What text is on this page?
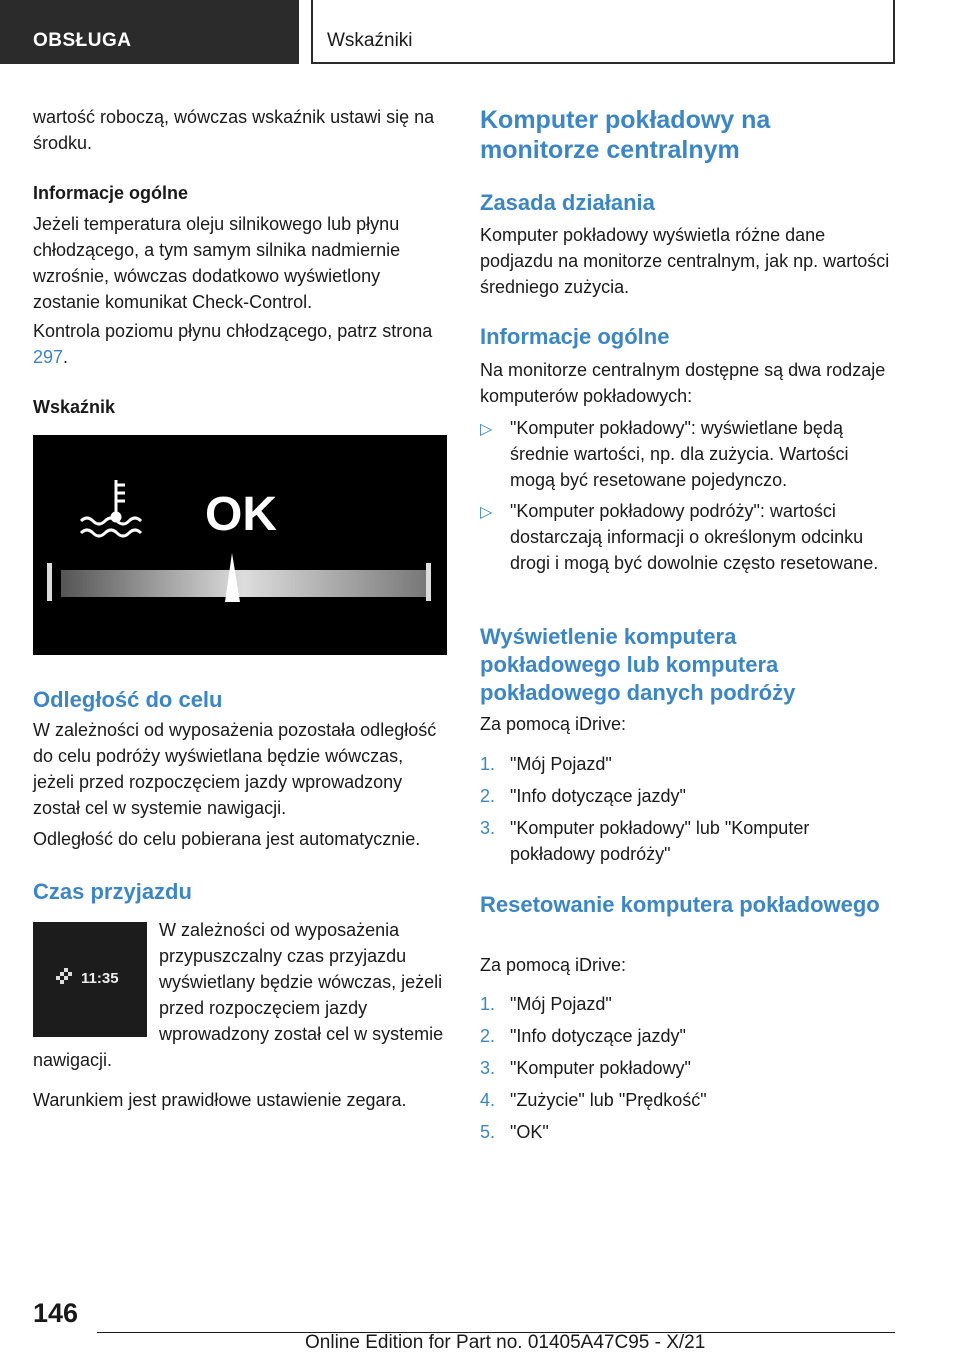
OBSŁUGA	Wskaźniki

wartość roboczą, wówczas wskaźnik ustawi się na środku.

Informacje ogólne

Jeżeli temperatura oleju silnikowego lub płynu chłodzącego, a tym samym silnika nadmiernie wzrośnie, wówczas dodatkowo wyświetlony zostanie komunikat Check-Control.

Kontrola poziomu płynu chłodzącego, patrz strona 297.

Wskaźnik

OK

Odległość do celu

W zależności od wyposażenia pozostała odległość do celu podróży wyświetlana będzie wówczas, jeżeli przed rozpoczęciem jazdy wprowadzony został cel w systemie nawigacji.

Odległość do celu pobierana jest automatycznie.

Czas przyjazdu

11:35
W zależności od wyposażenia przypuszczalny czas przyjazdu wyświetlany będzie wówczas, jeżeli przed rozpoczęciem jazdy wprowadzony został cel w systemie nawigacji.

Warunkiem jest prawidłowe ustawienie zegara.

Komputer pokładowy na monitorze centralnym

Zasada działania

Komputer pokładowy wyświetla różne dane podjazdu na monitorze centralnym, jak np. wartości średniego zużycia.

Informacje ogólne

Na monitorze centralnym dostępne są dwa rodzaje komputerów pokładowych:

▷ "Komputer pokładowy": wyświetlane będą średnie wartości, np. dla zużycia. Wartości mogą być resetowane pojedynczo.

▷ "Komputer pokładowy podróży": wartości dostarczają informacji o określonym odcinku drogi i mogą być dowolnie często resetowane.

Wyświetlenie komputera pokładowego lub komputera pokładowego danych podróży

Za pomocą iDrive:

1. "Mój Pojazd"
2. "Info dotyczące jazdy"
3. "Komputer pokładowy" lub "Komputer pokładowy podróży"

Resetowanie komputera pokładowego

Za pomocą iDrive:

1. "Mój Pojazd"
2. "Info dotyczące jazdy"
3. "Komputer pokładowy"
4. "Zużycie" lub "Prędkość"
5. "OK"
146
Online Edition for Part no. 01405A47C95 - X/21
